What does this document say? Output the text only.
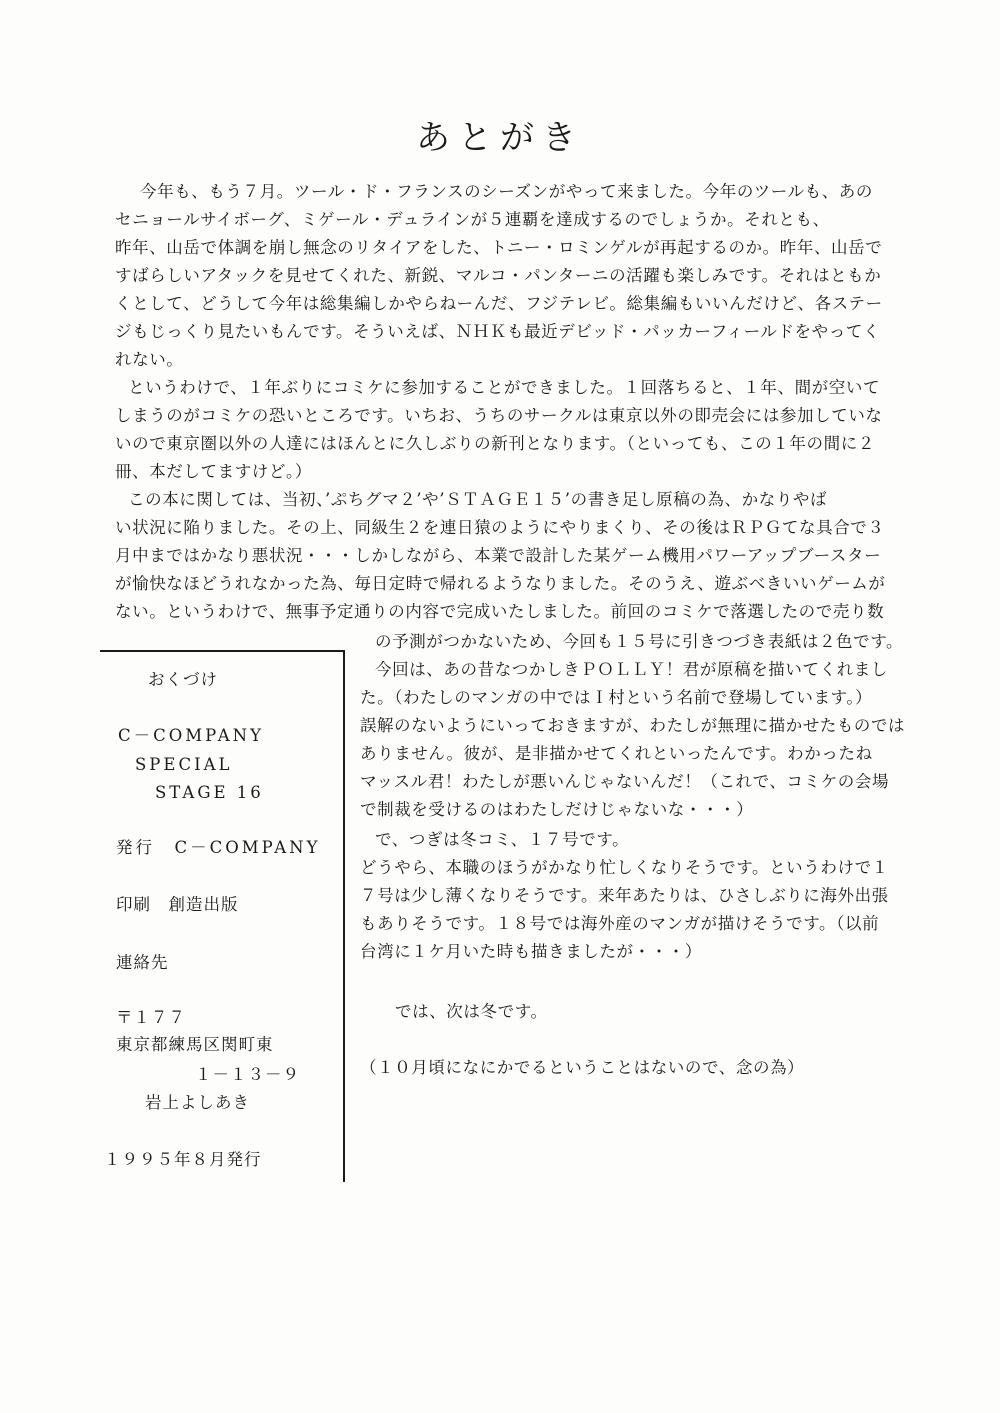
あとがき
今年も、もう７月。ツール・ド・フランスのシーズンがやって来ました。今年のツールも、あの
セニョールサイボーグ、ミゲール・デュラインが５連覇を達成するのでしょうか。それとも、
昨年、山岳で体調を崩し無念のリタイアをした、トニー・ロミンゲルが再起するのか。昨年、山岳で
すばらしいアタックを見せてくれた、新鋭、マルコ・パンターニの活躍も楽しみです。それはともか
くとして、どうして今年は総集編しかやらねーんだ、フジテレビ。総集編もいいんだけど、各ステー
ジもじっくり見たいもんです。そういえば、ＮＨＫも最近デビッド・パッカーフィールドをやってく
れない。
というわけで、１年ぶりにコミケに参加することができました。１回落ちると、１年、間が空いて
しまうのがコミケの恐いところです。いちお、うちのサークルは東京以外の即売会には参加していな
いので東京圏以外の人達にはほんとに久しぶりの新刊となります。（といっても、この１年の間に２
冊、本だしてますけど。）
この本に関しては、当初、’ぷちグマ２’や’ＳＴＡＧＥ１５’の書き足し原稿の為、かなりやば
い状況に陥りました。その上、同級生２を連日猿のようにやりまくり、その後はＲＰＧてな具合で３
月中まではかなり悪状況・・・しかしながら、本業で設計した某ゲーム機用パワーアップブースター
が愉快なほどうれなかった為、毎日定時で帰れるようなりました。そのうえ、遊ぶべきいいゲームが
ない。というわけで、無事予定通りの内容で完成いたしました。前回のコミケで落選したので売り数
の予測がつかないため、今回も１５号に引きつづき表紙は２色です。
今回は、あの昔なつかしきＰＯＬＬＹ！君が原稿を描いてくれまし
た。（わたしのマンガの中ではＩ村という名前で登場しています。）
誤解のないようにいっておきますが、わたしが無理に描かせたものでは
ありません。彼が、是非描かせてくれといったんです。わかったね
マッスル君！わたしが悪いんじゃないんだ！（これで、コミケの会場
で制裁を受けるのはわたしだけじゃないな・・・）
で、つぎは冬コミ、１７号です。
どうやら、本職のほうがかなり忙しくなりそうです。というわけで１
７号は少し薄くなりそうです。来年あたりは、ひさしぶりに海外出張
もありそうです。１８号では海外産のマンガが描けそうです。（以前
台湾に１ケ月いた時も描きましたが・・・）
では、次は冬です。
（１０月頃になにかでるということはないので、念の為）
おくづけ
C－COMPANY
SPECIAL
STAGE 16
発行　C－COMPANY
印刷　創造出版
連絡先
〒１７７
東京都練馬区関町東
１－１３－９
岩上よしあき
１９９５年８月発行
